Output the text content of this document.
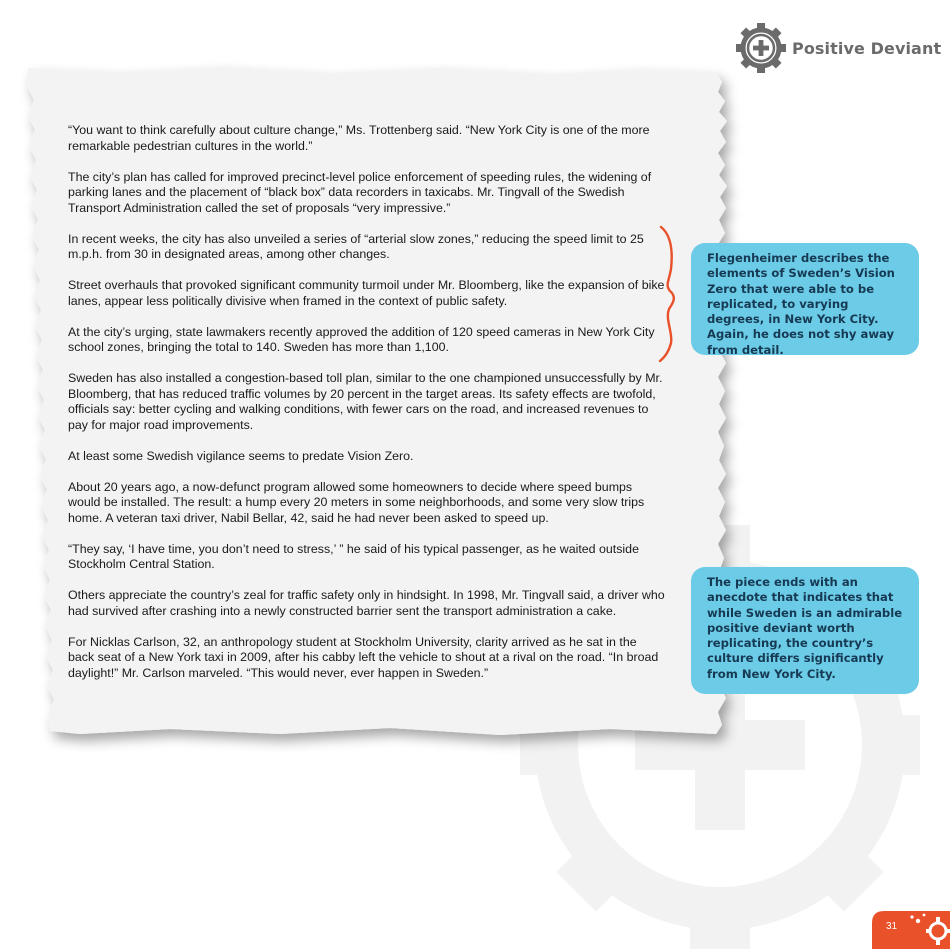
Positive Deviant

“You want to think carefully about culture change,” Ms. Trottenberg said. “New York City is one of the more remarkable pedestrian cultures in the world.”

The city’s plan has called for improved precinct-level police enforcement of speeding rules, the widening of parking lanes and the placement of “black box” data recorders in taxicabs. Mr. Tingvall of the Swedish Transport Administration called the set of proposals “very impressive.”

In recent weeks, the city has also unveiled a series of “arterial slow zones,” reducing the speed limit to 25 m.p.h. from 30 in designated areas, among other changes.

Street overhauls that provoked significant community turmoil under Mr. Bloomberg, like the expansion of bike lanes, appear less politically divisive when framed in the context of public safety.

At the city’s urging, state lawmakers recently approved the addition of 120 speed cameras in New York City school zones, bringing the total to 140. Sweden has more than 1,100.

Sweden has also installed a congestion-based toll plan, similar to the one championed unsuccessfully by Mr. Bloomberg, that has reduced traffic volumes by 20 percent in the target areas. Its safety effects are twofold, officials say: better cycling and walking conditions, with fewer cars on the road, and increased revenues to pay for major road improvements.

At least some Swedish vigilance seems to predate Vision Zero.

About 20 years ago, a now-defunct program allowed some homeowners to decide where speed bumps would be installed. The result: a hump every 20 meters in some neighborhoods, and some very slow trips home. A veteran taxi driver, Nabil Bellar, 42, said he had never been asked to speed up.

“They say, ‘I have time, you don’t need to stress,’ ” he said of his typical passenger, as he waited outside Stockholm Central Station.

Others appreciate the country’s zeal for traffic safety only in hindsight. In 1998, Mr. Tingvall said, a driver who had survived after crashing into a newly constructed barrier sent the transport administration a cake.

For Nicklas Carlson, 32, an anthropology student at Stockholm University, clarity arrived as he sat in the back seat of a New York taxi in 2009, after his cabby left the vehicle to shout at a rival on the road. “In broad daylight!” Mr. Carlson marveled. “This would never, ever happen in Sweden.”

Flegenheimer describes the elements of Sweden’s Vision Zero that were able to be replicated, to varying degrees, in New York City. Again, he does not shy away from detail.
The piece ends with an anecdote that indicates that while Sweden is an admirable positive deviant worth replicating, the country’s culture differs significantly from New York City.
31
